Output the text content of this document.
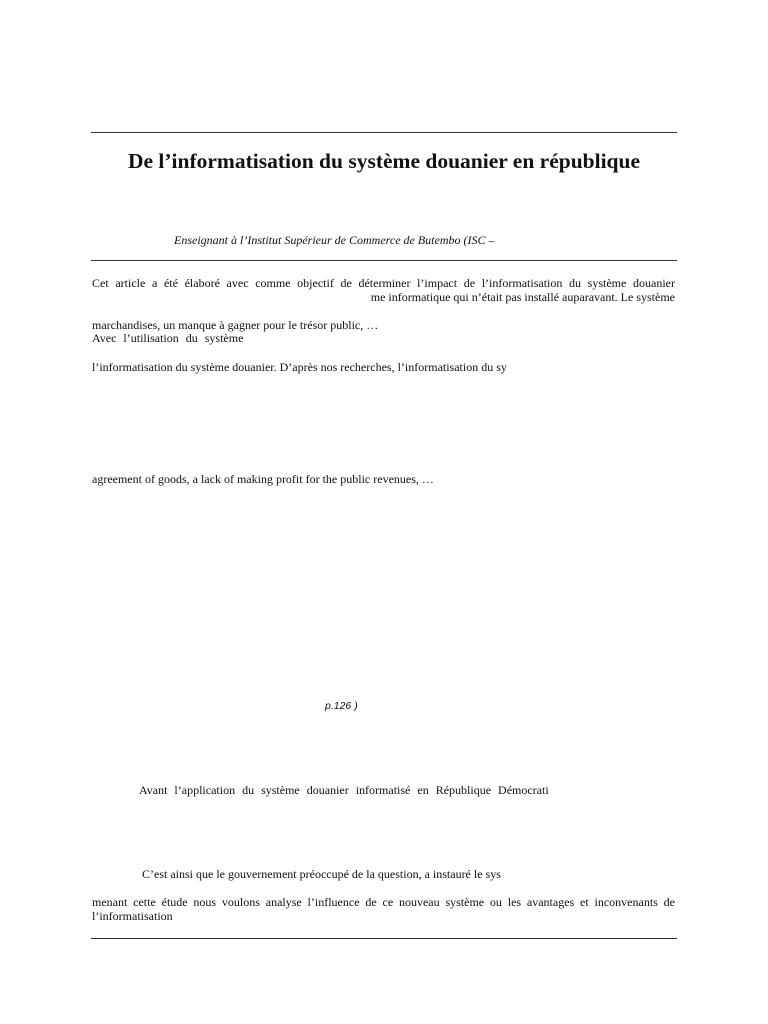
De l’informatisation du système douanier en république
Enseignant à l’Institut Supérieur de Commerce de Butembo (ISC –
Cet article a été élaboré avec comme objectif de déterminer l’impact de l’informatisation du système douanier
me informatique qui n’était pas installé auparavant. Le système
marchandises, un manque à gagner pour le trésor public, …
Avec l’utilisation du système
l’informatisation du système douanier. D’après nos recherches, l’informatisation du sy
agreement of goods, a lack of making profit for the public revenues, …
p.126 )
Avant l’application du système douanier informatisé en République Démocrati
C’est ainsi que le gouvernement préoccupé de la question, a instauré le sys
menant cette étude nous voulons analyse l’influence de ce nouveau système ou les avantages et inconvenants de
l’informatisation
